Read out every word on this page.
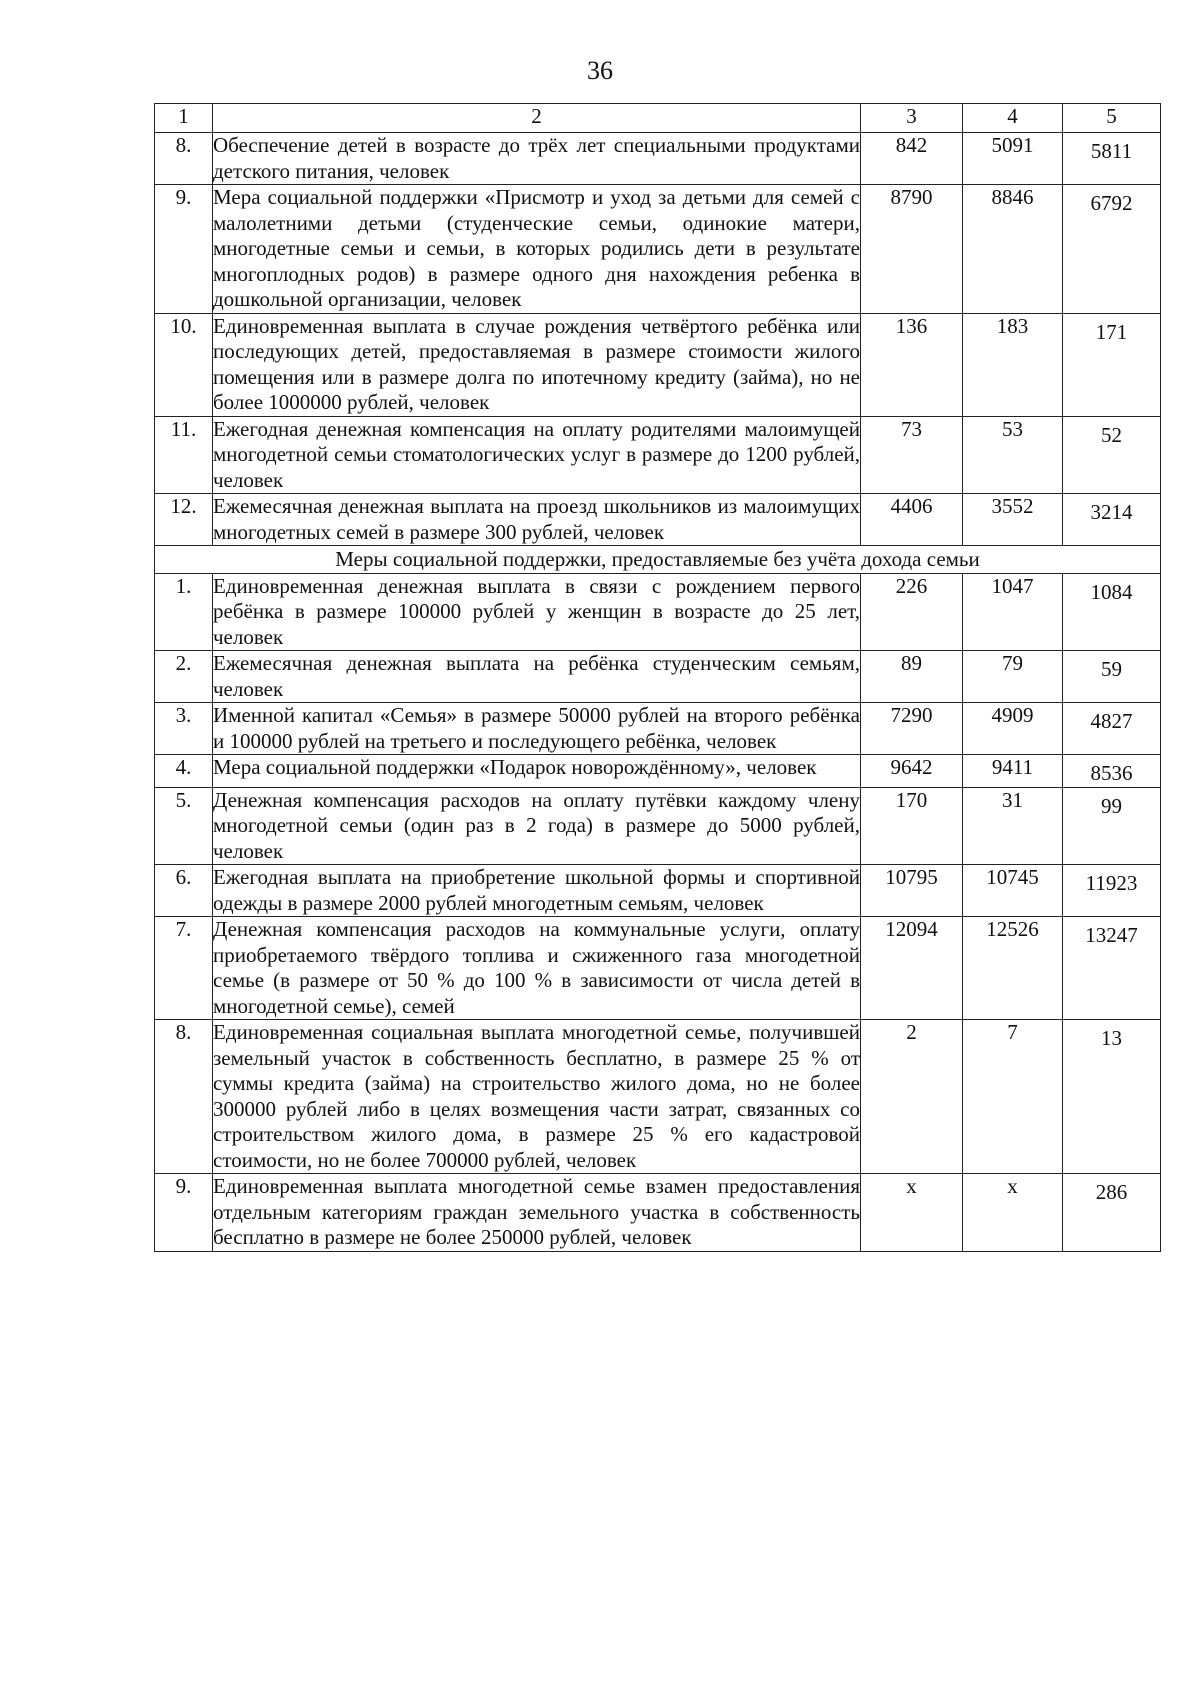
36
1	2	3	4	5
8.	Обеспечение детей в возрасте до трёх лет специальными продуктами детского питания, человек	842	5091	5811
9.	Мера социальной поддержки «Присмотр и уход за детьми для семей с малолетними детьми (студенческие семьи, одинокие матери, многодетные семьи и семьи, в которых родились дети в результате многоплодных родов) в размере одного дня нахождения ребенка в дошкольной организации, человек	8790	8846	6792
10.	Единовременная выплата в случае рождения четвёртого ребёнка или последующих детей, предоставляемая в размере стоимости жилого помещения или в размере долга по ипотечному кредиту (займа), но не более 1000000 рублей, человек	136	183	171
11.	Ежегодная денежная компенсация на оплату родителями малоимущей многодетной семьи стоматологических услуг в размере до 1200 рублей, человек	73	53	52
12.	Ежемесячная денежная выплата на проезд школьников из малоимущих многодетных семей в размере 300 рублей, человек	4406	3552	3214
Меры социальной поддержки, предоставляемые без учёта дохода семьи				
1.	Единовременная денежная выплата в связи с рождением первого ребёнка в размере 100000 рублей у женщин в возрасте до 25 лет, человек	226	1047	1084
2.	Ежемесячная денежная выплата на ребёнка студенческим семьям, человек	89	79	59
3.	Именной капитал «Семья» в размере 50000 рублей на второго ребёнка и 100000 рублей на третьего и последующего ребёнка, человек	7290	4909	4827
4.	Мера социальной поддержки «Подарок новорождённому», человек	9642	9411	8536
5.	Денежная компенсация расходов на оплату путёвки каждому члену многодетной семьи (один раз в 2 года) в размере до 5000 рублей, человек	170	31	99
6.	Ежегодная выплата на приобретение школьной формы и спортивной одежды в размере 2000 рублей многодетным семьям, человек	10795	10745	11923
7.	Денежная компенсация расходов на коммунальные услуги, оплату приобретаемого твёрдого топлива и сжиженного газа многодетной семье (в размере от 50 % до 100 % в зависимости от числа детей в многодетной семье), семей	12094	12526	13247
8.	Единовременная социальная выплата многодетной семье, получившей земельный участок в собственность бесплатно, в размере 25 % от суммы кредита (займа) на строительство жилого дома, но не более 300000 рублей либо в целях возмещения части затрат, связанных со строительством жилого дома, в размере 25 % его кадастровой стоимости, но не более 700000 рублей, человек	2	7	13
9.	Единовременная выплата многодетной семье взамен предоставления отдельным категориям граждан земельного участка в собственность бесплатно в размере не более 250000 рублей, человек	х	х	286
